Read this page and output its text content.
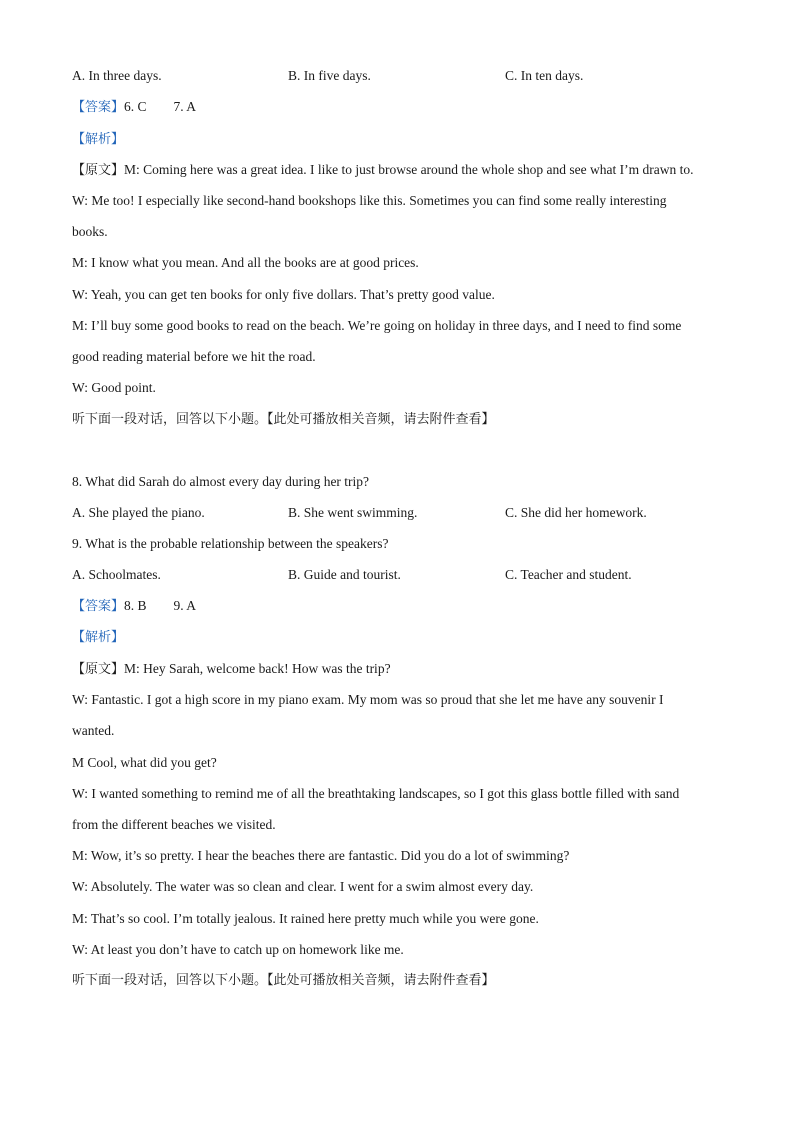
A. In three days.	B. In five days.	C. In ten days.
【答案】6. C        7. A
【解析】
【原文】M: Coming here was a great idea. I like to just browse around the whole shop and see what I’m drawn to.
W: Me too! I especially like second-hand bookshops like this. Sometimes you can find some really interesting
books.
M: I know what you mean. And all the books are at good prices.
W: Yeah, you can get ten books for only five dollars. That’s pretty good value.
M: I’ll buy some good books to read on the beach. We’re going on holiday in three days, and I need to find some
good reading material before we hit the road.
W: Good point.
听下面一段对话，回答以下小题。【此处可播放相关音频，请去附件查看】
8. What did Sarah do almost every day during her trip?
A. She played the piano.	B. She went swimming.	C. She did her homework.
9. What is the probable relationship between the speakers?
A. Schoolmates.	B. Guide and tourist.	C. Teacher and student.
【答案】8. B        9. A
【解析】
【原文】M: Hey Sarah, welcome back! How was the trip?
W: Fantastic. I got a high score in my piano exam. My mom was so proud that she let me have any souvenir I
wanted.
M Cool, what did you get?
W: I wanted something to remind me of all the breathtaking landscapes, so I got this glass bottle filled with sand
from the different beaches we visited.
M: Wow, it’s so pretty. I hear the beaches there are fantastic. Did you do a lot of swimming?
W: Absolutely. The water was so clean and clear. I went for a swim almost every day.
M: That’s so cool. I’m totally jealous. It rained here pretty much while you were gone.
W: At least you don’t have to catch up on homework like me.
听下面一段对话，回答以下小题。【此处可播放相关音频，请去附件查看】
